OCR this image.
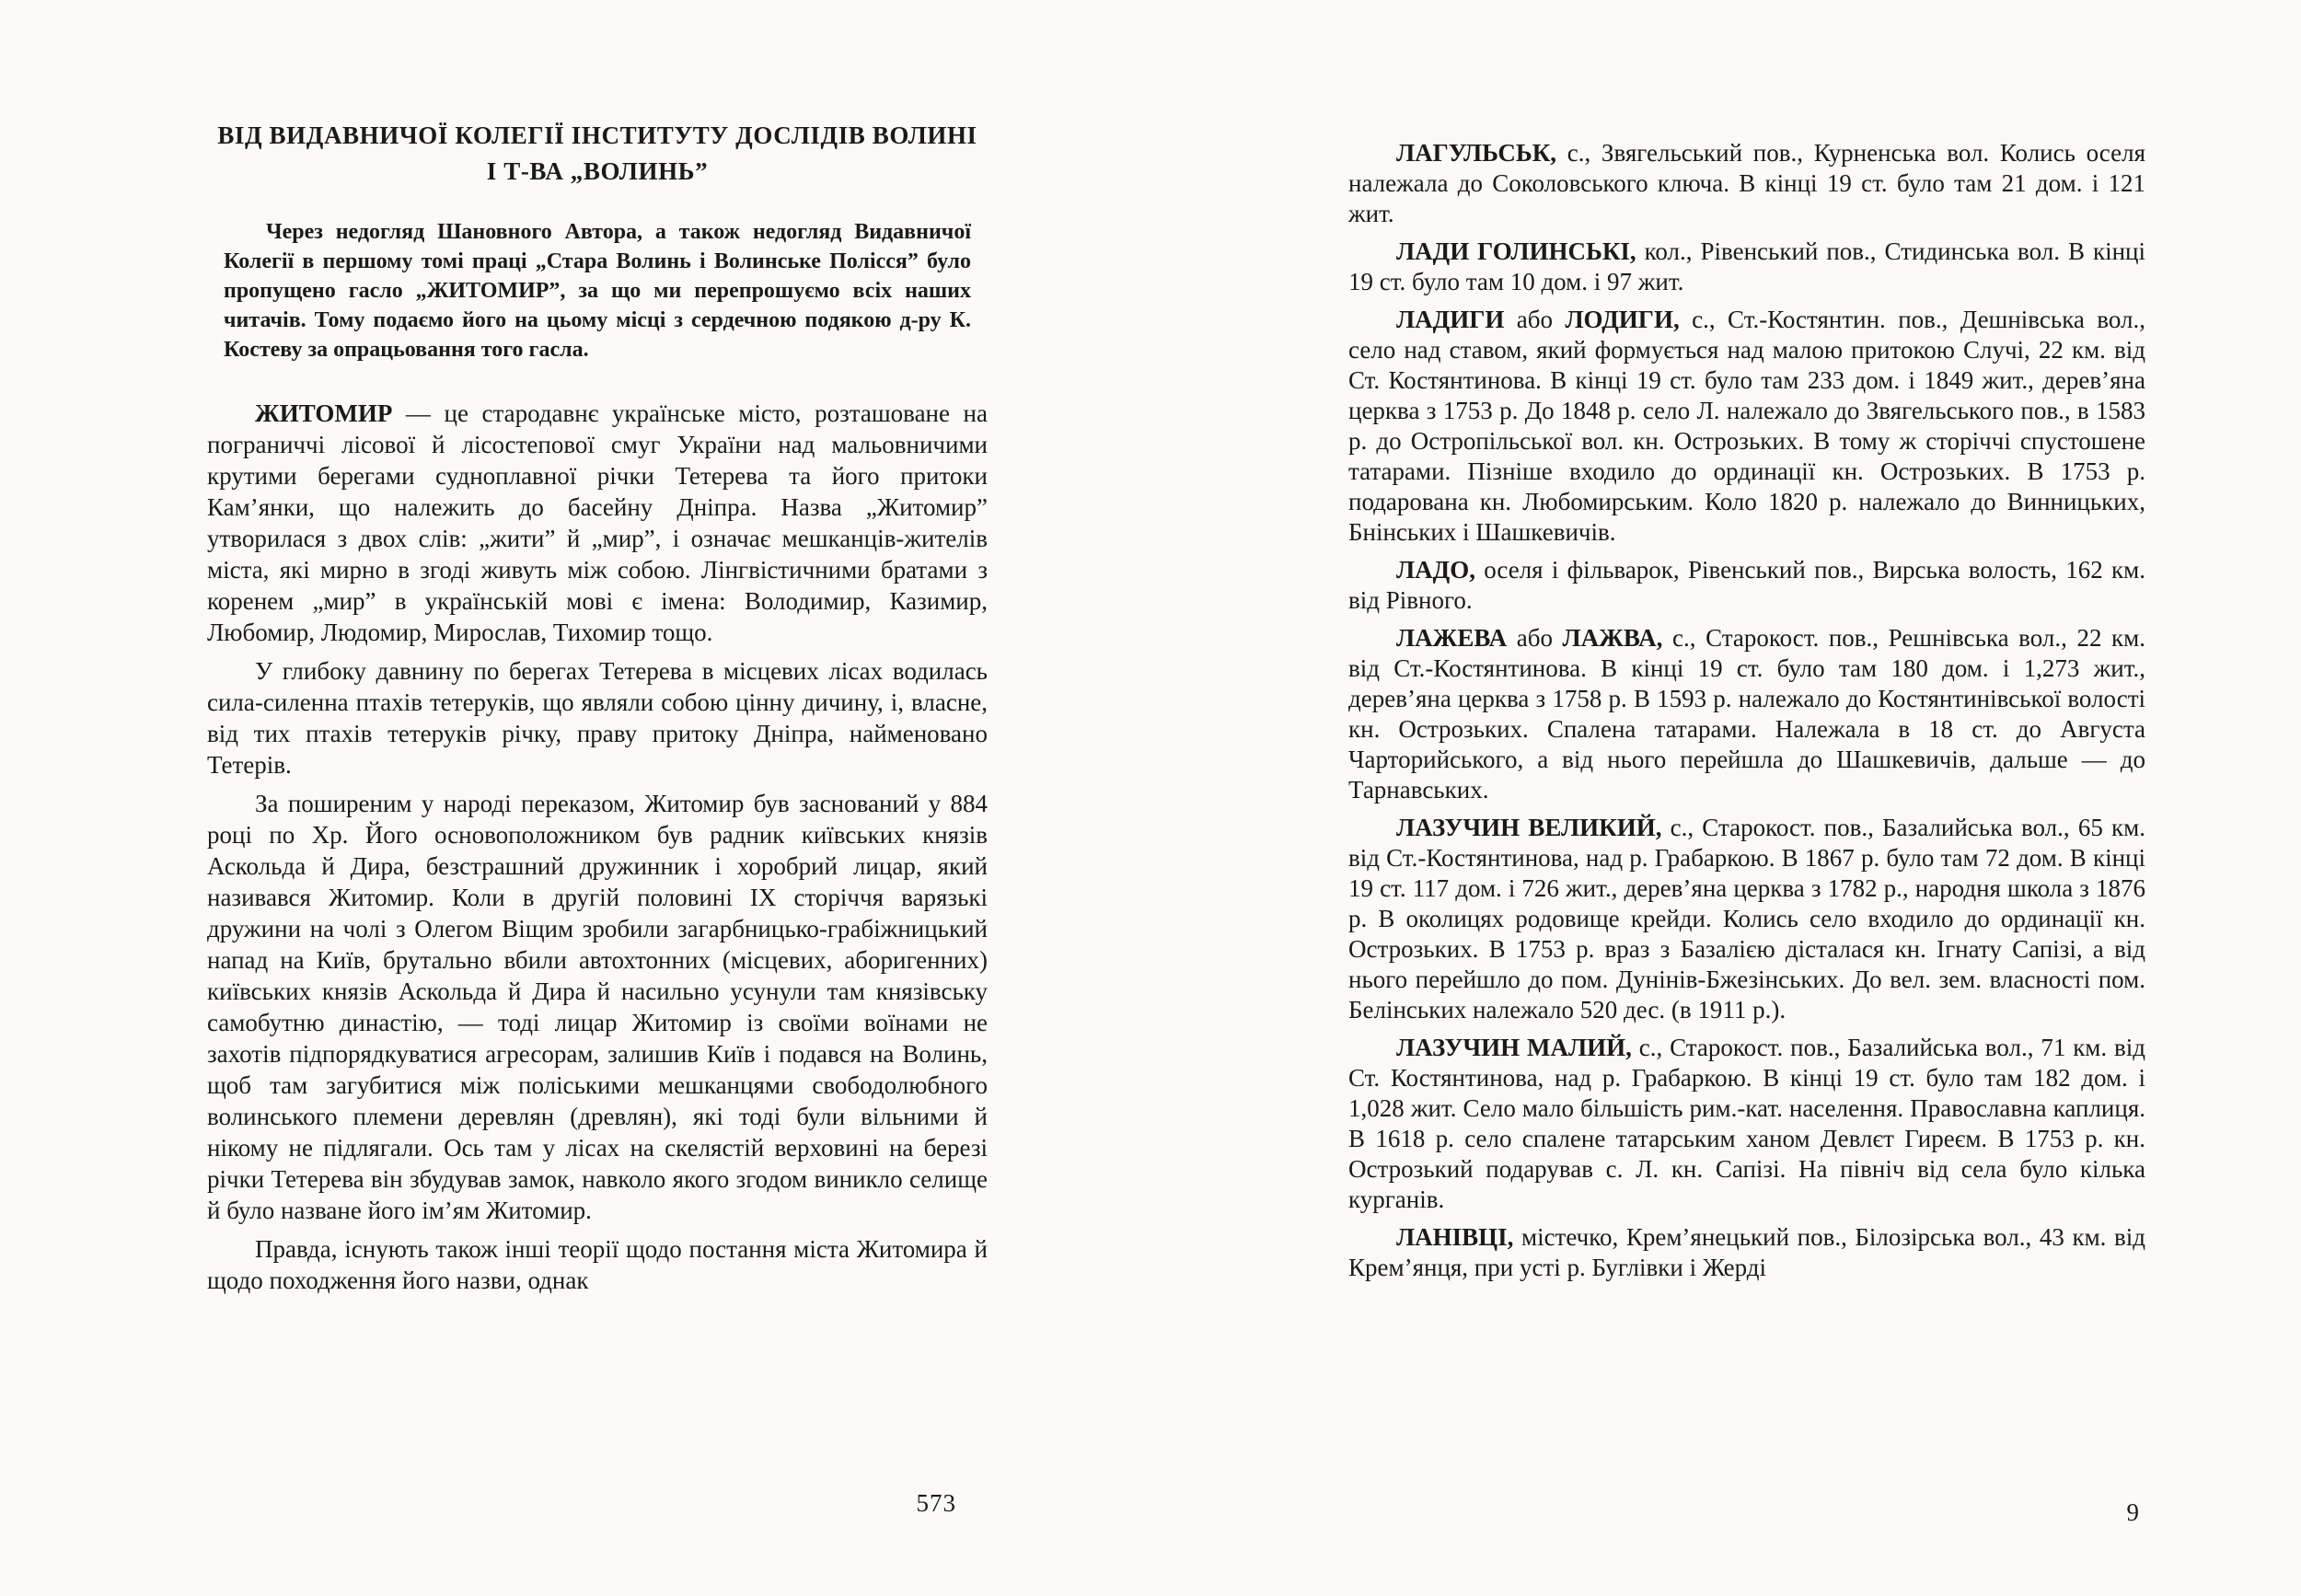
ВІД ВИДАВНИЧОЇ КОЛЕГІЇ ІНСТИТУТУ ДОСЛІДІВ ВОЛИНІ
І Т-ВА „ВОЛИНЬ”

Через недогляд Шановного Автора, а також недогляд Видавничої Колегії в першому томі праці „Стара Волинь і Волинське Полісся” було пропущено гасло „ЖИТОМИР”, за що ми перепрошуємо всіх наших читачів. Тому подаємо його на цьому місці з сердечною подякою д-ру К. Костеву за опрацьовання того гасла.

ЖИТОМИР — це стародавнє українське місто, розташоване на пограниччі лісової й лісостепової смуг України над мальовничими крутими берегами судноплавної річки Тетерева та його притоки Кам’янки, що належить до басейну Дніпра. Назва „Житомир” утворилася з двох слів: „жити” й „мир”, і означає мешканців-жителів міста, які мирно в згоді живуть між собою. Лінгвістичними братами з коренем „мир” в українській мові є імена: Володимир, Казимир, Любомир, Людомир, Мирослав, Тихомир тощо.

У глибоку давнину по берегах Тетерева в місцевих лісах водилась сила-силенна птахів тетеруків, що являли собою цінну дичину, і, власне, від тих птахів тетеруків річку, праву притоку Дніпра, найменовано Тетерів.

За поширеним у народі переказом, Житомир був заснований у 884 році по Хр. Його основоположником був радник київських князів Аскольда й Дира, безстрашний дружинник і хоробрий лицар, який називався Житомир. Коли в другій половині IX сторіччя варязькі дружини на чолі з Олегом Віщим зробили загарбницько-грабіжницький напад на Київ, брутально вбили автохтонних (місцевих, аборигенних) київських князів Аскольда й Дира й насильно усунули там князівську самобутню династію, — тоді лицар Житомир із своїми воїнами не захотів підпорядкуватися агресорам, залишив Київ і подався на Волинь, щоб там загубитися між поліськими мешканцями свободолюбного волинського племени деревлян (древлян), які тоді були вільними й нікому не підлягали. Ось там у лісах на скелястій верховині на березі річки Тетерева він збудував замок, навколо якого згодом виникло селище й було назване його ім’ям Житомир.

Правда, існують також інші теорії щодо постання міста Житомира й щодо походження його назви, однак

ЛАГУЛЬСЬК, с., Звягельський пов., Курненська вол. Колись оселя належала до Соколовського ключа. В кінці 19 ст. було там 21 дом. і 121 жит.

ЛАДИ ГОЛИНСЬКІ, кол., Рівенський пов., Стидинська вол. В кінці 19 ст. було там 10 дом. і 97 жит.

ЛАДИГИ або ЛОДИГИ, с., Ст.-Костянтин. пов., Дешнівська вол., село над ставом, який формується над малою притокою Случі, 22 км. від Ст. Костянтинова. В кінці 19 ст. було там 233 дом. і 1849 жит., дерев’яна церква з 1753 р. До 1848 р. село Л. належало до Звягельського пов., в 1583 р. до Остропільської вол. кн. Острозьких. В тому ж сторіччі спустошене татарами. Пізніше входило до ординації кн. Острозьких. В 1753 р. подарована кн. Любомирським. Коло 1820 р. належало до Винницьких, Бнінських і Шашкевичів.

ЛАДО, оселя і фільварок, Рівенський пов., Вирська волость, 162 км. від Рівного.

ЛАЖЕВА або ЛАЖВА, с., Старокост. пов., Решнівська вол., 22 км. від Ст.-Костянтинова. В кінці 19 ст. було там 180 дом. і 1,273 жит., дерев’яна церква з 1758 р. В 1593 р. належало до Костянтинівської волості кн. Острозьких. Спалена татарами. Належала в 18 ст. до Августа Чарторийського, а від нього перейшла до Шашкевичів, дальше — до Тарнавських.

ЛАЗУЧИН ВЕЛИКИЙ, с., Старокост. пов., Базалийська вол., 65 км. від Ст.-Костянтинова, над р. Грабаркою. В 1867 р. було там 72 дом. В кінці 19 ст. 117 дом. і 726 жит., дерев’яна церква з 1782 р., народня школа з 1876 р. В околицях родовище крейди. Колись село входило до ординації кн. Острозьких. В 1753 р. враз з Базалією дісталася кн. Ігнату Сапізі, а від нього перейшло до пом. Дунінів-Бжезінських. До вел. зем. власності пом. Белінських належало 520 дес. (в 1911 р.).

ЛАЗУЧИН МАЛИЙ, с., Старокост. пов., Базалийська вол., 71 км. від Ст. Костянтинова, над р. Грабаркою. В кінці 19 ст. було там 182 дом. і 1,028 жит. Село мало більшість рим.-кат. населення. Православна каплиця. В 1618 р. село спалене татарським ханом Девлєт Гиреєм. В 1753 р. кн. Острозький подарував с. Л. кн. Сапізі. На північ від села було кілька курганів.

ЛАНІВЦІ, містечко, Крем’янецький пов., Білозірська вол., 43 км. від Крем’янця, при усті р. Буглівки і Жерді

573	9
